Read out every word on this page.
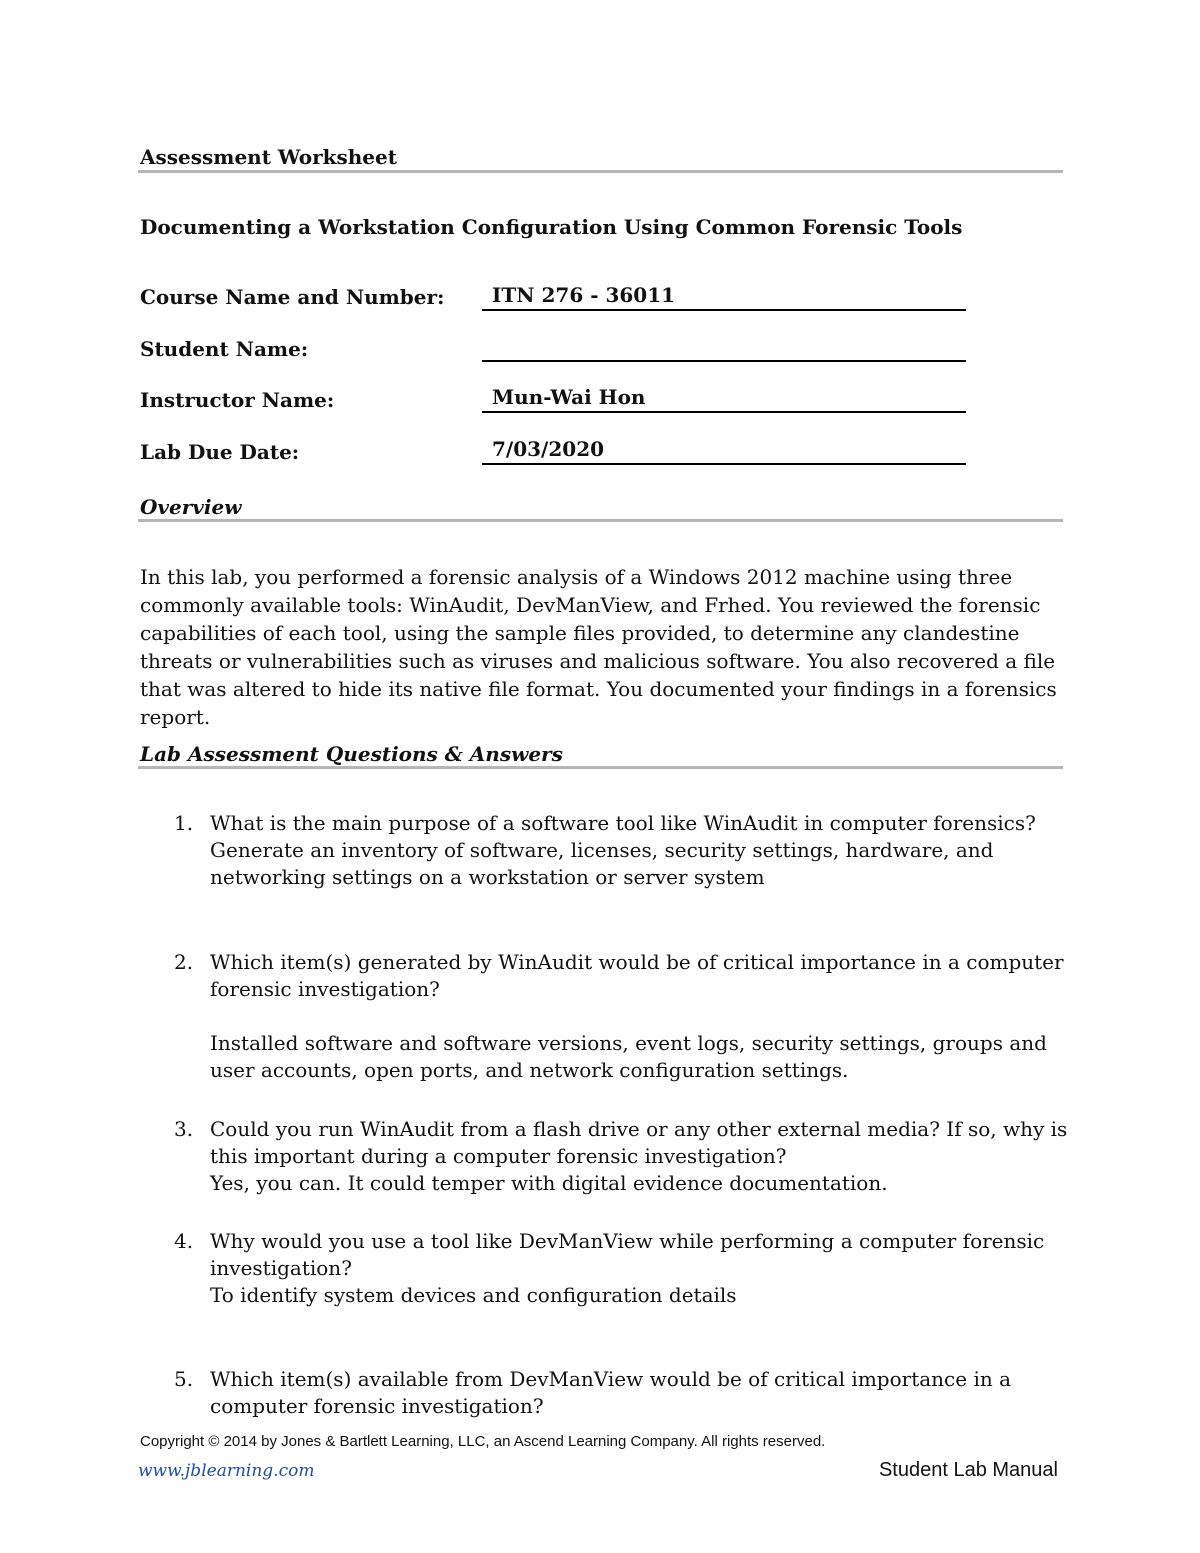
Assessment Worksheet
Documenting a Workstation Configuration Using Common Forensic Tools
Course Name and Number:	ITN 276 - 36011
Student Name:
Instructor Name:	Mun-Wai Hon
Lab Due Date:	7/03/2020
Overview

In this lab, you performed a forensic analysis of a Windows 2012 machine using three commonly available tools: WinAudit, DevManView, and Frhed. You reviewed the forensic capabilities of each tool, using the sample files provided, to determine any clandestine threats or vulnerabilities such as viruses and malicious software. You also recovered a file that was altered to hide its native file format. You documented your findings in a forensics report.

Lab Assessment Questions & Answers
1. What is the main purpose of a software tool like WinAudit in computer forensics?

Generate an inventory of software, licenses, security settings, hardware, and networking settings on a workstation or server system

2. Which item(s) generated by WinAudit would be of critical importance in a computer forensic investigation?

Installed software and software versions, event logs, security settings, groups and user accounts, open ports, and network configuration settings.

3. Could you run WinAudit from a flash drive or any other external media? If so, why is this important during a computer forensic investigation?

Yes, you can. It could temper with digital evidence documentation.

4. Why would you use a tool like DevManView while performing a computer forensic investigation?

To identify system devices and configuration details

5. Which item(s) available from DevManView would be of critical importance in a computer forensic investigation?

Copyright © 2014 by Jones & Bartlett Learning, LLC, an Ascend Learning Company. All rights reserved.
www.jblearning.com	Student Lab Manual
